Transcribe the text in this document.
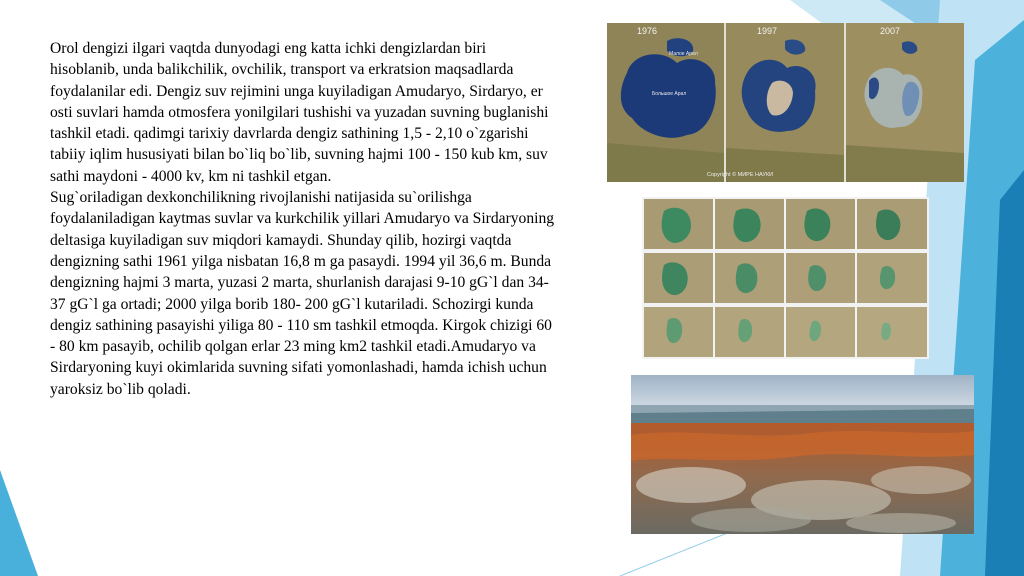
Orol dengizi ilgari vaqtda dunyodagi eng katta ichki dengizlardan biri hisoblanib, unda balikchilik, ovchilik, transport va erkratsion maqsadlarda foydalanilar edi. Dengiz suv rejimini unga kuyiladigan Amudaryo, Sirdaryo, er osti suvlari hamda otmosfera yonilgilari tushishi va yuzadan suvning buglanishi tashkil etadi. qadimgi tarixiy davrlarda dengiz sathining 1,5 - 2,10 o`zgarishi tabiiy iqlim hususiyati bilan bo`liq bo`lib, suvning hajmi 100 - 150 kub km, suv sathi maydoni - 4000 kv, km ni tashkil etgan.

Sug`oriladigan dexkonchilikning rivojlanishi natijasida su`orilishga foydalaniladigan kaytmas suvlar va kurkchilik yillari Amudaryo va Sirdaryoning deltasiga kuyiladigan suv miqdori kamaydi. Shunday qilib, hozirgi vaqtda dengizning sathi 1961 yilga nisbatan 16,8 m ga pasaydi. 1994 yil 36,6 m. Bunda dengizning hajmi 3 marta, yuzasi 2 marta, shurlanish darajasi 9-10 gG`l dan 34-37 gG`l ga ortadi; 2000 yilga borib 180- 200 gG`l kutariladi. Schozirgi kunda dengiz sathining pasayishi yiliga 80 - 110 sm tashkil etmoqda. Kirgok chizigi 60 - 80 km pasayib, ochilib qolgan erlar 23 ming km2 tashkil etadi.Amudaryo va Sirdaryoning kuyi okimlarida suvning sifati yomonlashadi, hamda ichish uchun yaroksiz bo`lib qoladi.

1976
Малое Арал
Большое Арал
1997	2007
Copyright © МИРЕ НАУКИ
